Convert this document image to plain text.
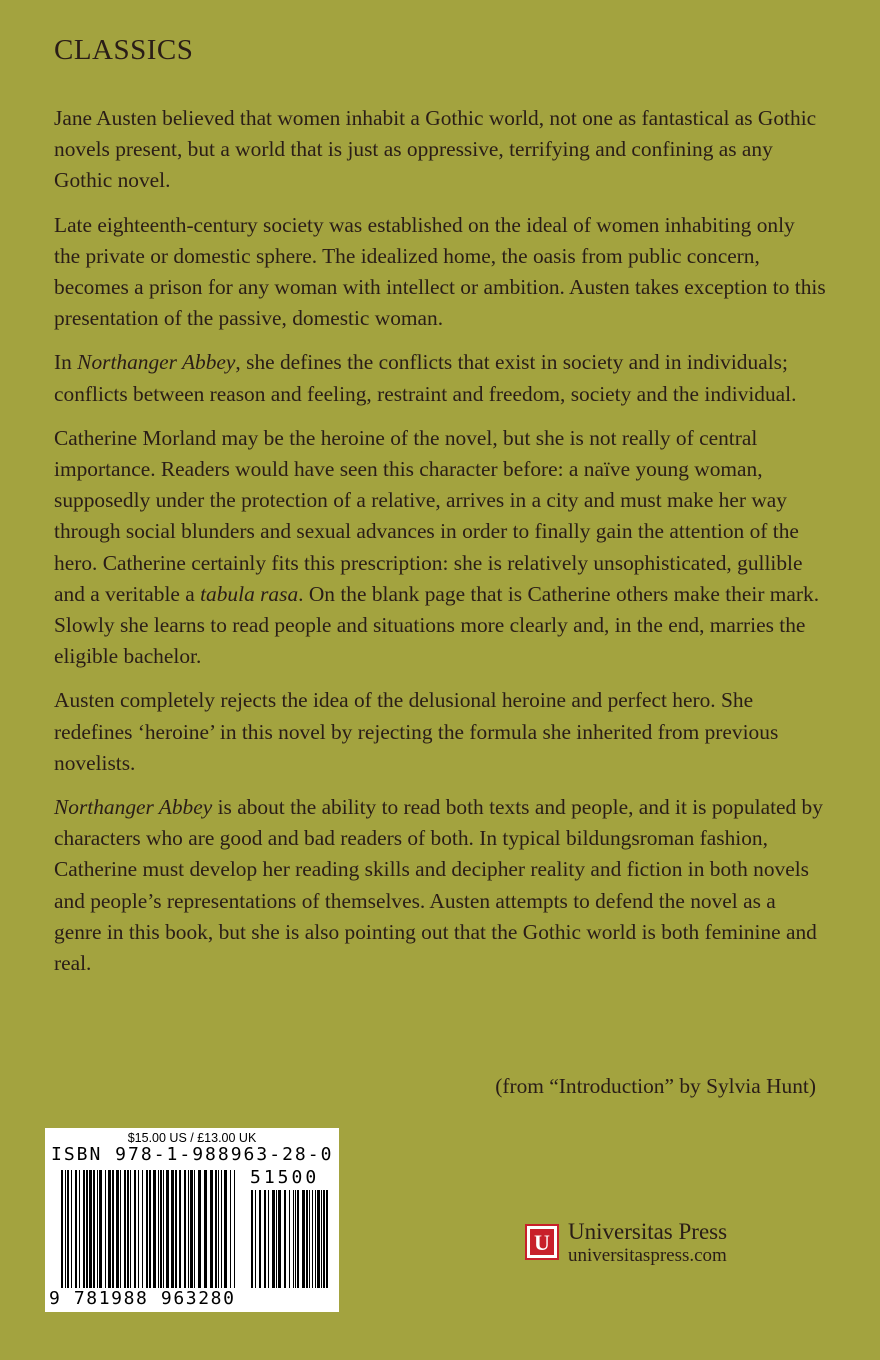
CLASSICS

Jane Austen believed that women inhabit a Gothic world, not one as fantastical as Gothic novels present, but a world that is just as oppressive, terrifying and confining as any Gothic novel.

Late eighteenth-century society was established on the ideal of women inhabiting only the private or domestic sphere. The idealized home, the oasis from public concern, becomes a prison for any woman with intellect or ambition. Austen takes exception to this presentation of the passive, domestic woman.

In Northanger Abbey, she defines the conflicts that exist in society and in individuals; conflicts between reason and feeling, restraint and freedom, society and the individual.

Catherine Morland may be the heroine of the novel, but she is not really of central importance. Readers would have seen this character before: a naïve young woman, supposedly under the protection of a relative, arrives in a city and must make her way through social blunders and sexual advances in order to finally gain the attention of the hero. Catherine certainly fits this prescription: she is relatively unsophisticated, gullible and a veritable a tabula rasa. On the blank page that is Catherine others make their mark. Slowly she learns to read people and situations more clearly and, in the end, marries the eligible bachelor.

Austen completely rejects the idea of the delusional heroine and perfect hero. She redefines ‘heroine’ in this novel by rejecting the formula she inherited from previous novelists.

Northanger Abbey is about the ability to read both texts and people, and it is populated by characters who are good and bad readers of both. In typical bildungsroman fashion, Catherine must develop her reading skills and decipher reality and fiction in both novels and people’s representations of themselves. Austen attempts to defend the novel as a genre in this book, but she is also pointing out that the Gothic world is both feminine and real.

(from “Introduction” by Sylvia Hunt)
$15.00 US / £13.00 UK
ISBN 978-1-988963-28-0
51500
9 781988 963280
U Universitas Press
universitaspress.com
